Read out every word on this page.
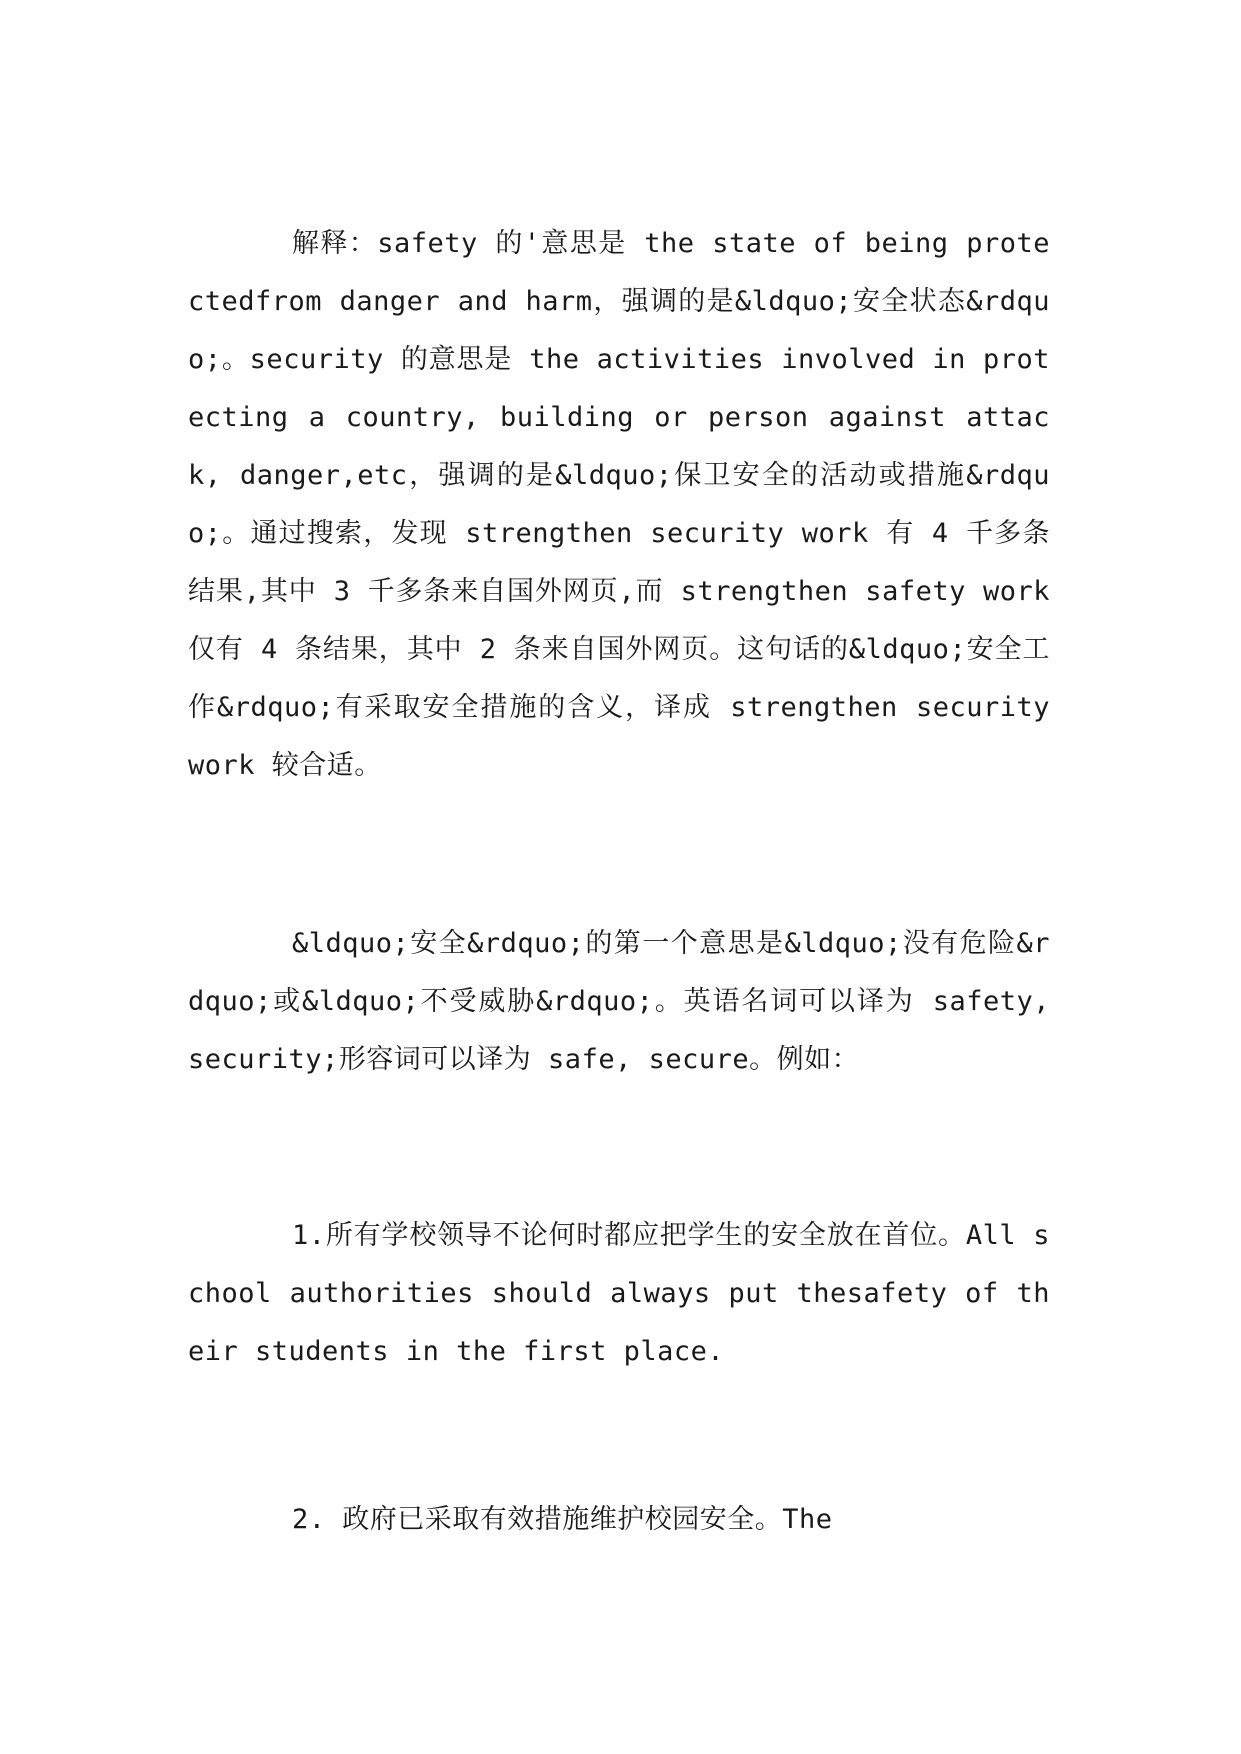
解释：safety 的'意思是 the state of being protectedfrom danger and harm，强调的是&ldquo;安全状态&rdquo;。security 的意思是 the activities involved in protecting a country, building or person against attack, danger,etc，强调的是&ldquo;保卫安全的活动或措施&rdquo;。通过搜索，发现 strengthen security work 有 4 千多条结果,其中 3 千多条来自国外网页,而 strengthen safety work 仅有 4 条结果，其中 2 条来自国外网页。这句话的&ldquo;安全工作&rdquo;有采取安全措施的含义，译成 strengthen security work 较合适。

&ldquo;安全&rdquo;的第一个意思是&ldquo;没有危险&rdquo;或&ldquo;不受威胁&rdquo;。英语名词可以译为 safety, security;形容词可以译为 safe, secure。例如：

1.所有学校领导不论何时都应把学生的安全放在首位。All school authorities should always put thesafety of their students in the first place.

2. 政府已采取有效措施维护校园安全。The
